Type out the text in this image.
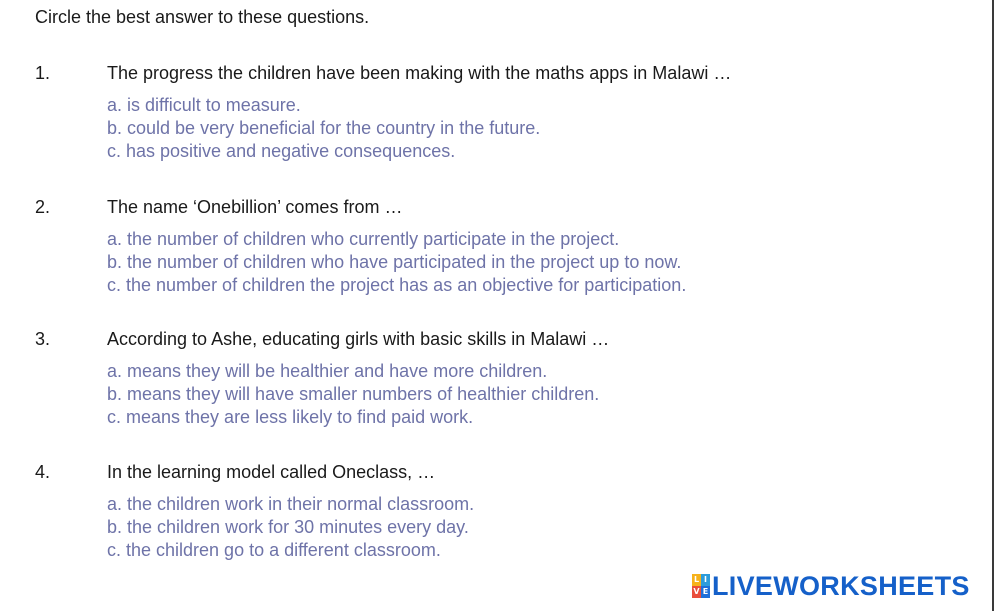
Circle the best answer to these questions.

1.	The progress the children have been making with the maths apps in Malawi …
a. is difficult to measure.
b. could be very beneficial for the country in the future.
c. has positive and negative consequences.
2.	The name ‘Onebillion’ comes from …
a. the number of children who currently participate in the project.
b. the number of children who have participated in the project up to now.
c. the number of children the project has as an objective for participation.
3.	According to Ashe, educating girls with basic skills in Malawi …
a. means they will be healthier and have more children.
b. means they will have smaller numbers of healthier children.
c. means they are less likely to find paid work.
4.	In the learning model called Oneclass, …
a. the children work in their normal classroom.
b. the children work for 30 minutes every day.
c. the children go to a different classroom.
L I
V E LIVEWORKSHEETS
